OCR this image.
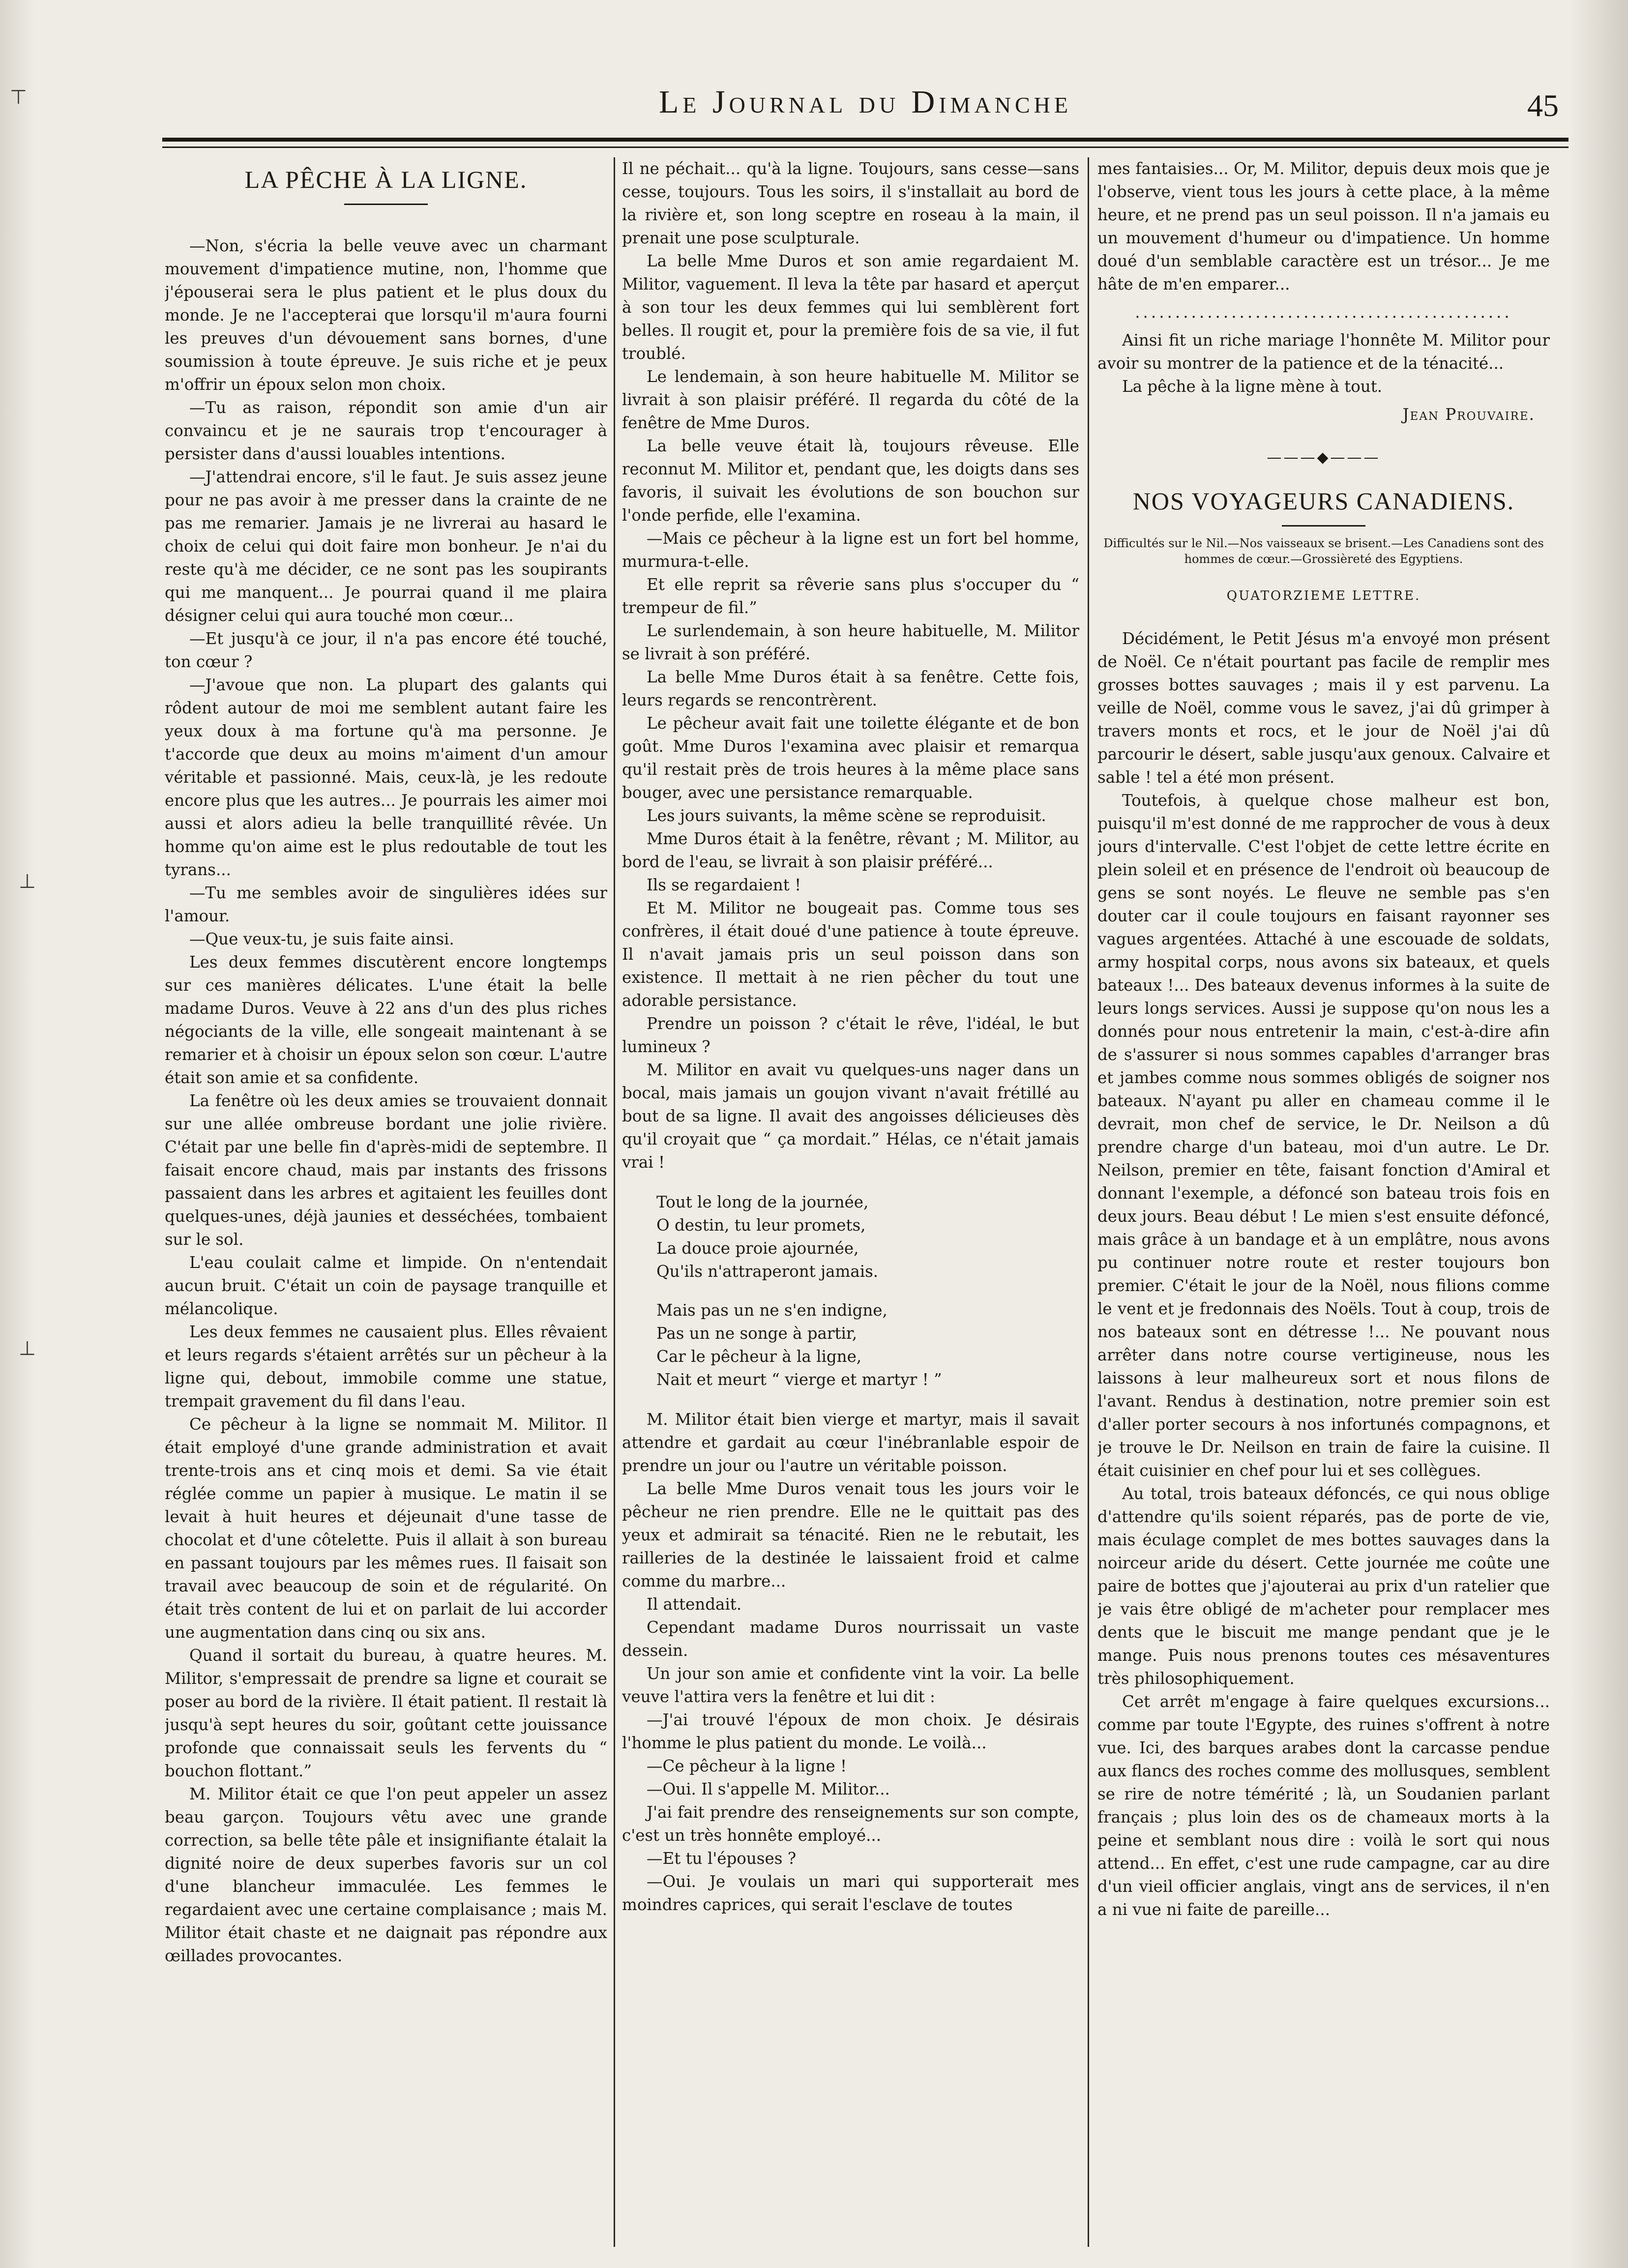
Le Journal du Dimanche	45
⊤
⊥
⊥
LA PÊCHE À LA LIGNE.

—Non, s'écria la belle veuve avec un charmant mouvement d'impatience mutine, non, l'homme que j'épouserai sera le plus patient et le plus doux du monde. Je ne l'accepterai que lorsqu'il m'aura fourni les preuves d'un dévouement sans bornes, d'une soumission à toute épreuve. Je suis riche et je peux m'offrir un époux selon mon choix.

—Tu as raison, répondit son amie d'un air convaincu et je ne saurais trop t'encourager à persister dans d'aussi louables intentions.

—J'attendrai encore, s'il le faut. Je suis assez jeune pour ne pas avoir à me presser dans la crainte de ne pas me remarier. Jamais je ne livrerai au hasard le choix de celui qui doit faire mon bonheur. Je n'ai du reste qu'à me décider, ce ne sont pas les soupirants qui me manquent... Je pourrai quand il me plaira désigner celui qui aura touché mon cœur...

—Et jusqu'à ce jour, il n'a pas encore été touché, ton cœur ?

—J'avoue que non. La plupart des galants qui rôdent autour de moi me semblent autant faire les yeux doux à ma fortune qu'à ma personne. Je t'accorde que deux au moins m'aiment d'un amour véritable et passionné. Mais, ceux-là, je les redoute encore plus que les autres... Je pourrais les aimer moi aussi et alors adieu la belle tranquillité rêvée. Un homme qu'on aime est le plus redoutable de tout les tyrans...

—Tu me sembles avoir de singulières idées sur l'amour.

—Que veux-tu, je suis faite ainsi.

Les deux femmes discutèrent encore longtemps sur ces manières délicates. L'une était la belle madame Duros. Veuve à 22 ans d'un des plus riches négociants de la ville, elle songeait maintenant à se remarier et à choisir un époux selon son cœur. L'autre était son amie et sa confidente.

La fenêtre où les deux amies se trouvaient donnait sur une allée ombreuse bordant une jolie rivière. C'était par une belle fin d'après-midi de septembre. Il faisait encore chaud, mais par instants des frissons passaient dans les arbres et agitaient les feuilles dont quelques-unes, déjà jaunies et desséchées, tombaient sur le sol.

L'eau coulait calme et limpide. On n'entendait aucun bruit. C'était un coin de paysage tranquille et mélancolique.

Les deux femmes ne causaient plus. Elles rêvaient et leurs regards s'étaient arrêtés sur un pêcheur à la ligne qui, debout, immobile comme une statue, trempait gravement du fil dans l'eau.

Ce pêcheur à la ligne se nommait M. Militor. Il était employé d'une grande administration et avait trente-trois ans et cinq mois et demi. Sa vie était réglée comme un papier à musique. Le matin il se levait à huit heures et déjeunait d'une tasse de chocolat et d'une côtelette. Puis il allait à son bureau en passant toujours par les mêmes rues. Il faisait son travail avec beaucoup de soin et de régularité. On était très content de lui et on parlait de lui accorder une augmentation dans cinq ou six ans.

Quand il sortait du bureau, à quatre heures. M. Militor, s'empressait de prendre sa ligne et courait se poser au bord de la rivière. Il était patient. Il restait là jusqu'à sept heures du soir, goûtant cette jouissance profonde que connaissait seuls les fervents du “ bouchon flottant.”

M. Militor était ce que l'on peut appeler un assez beau garçon. Toujours vêtu avec une grande correction, sa belle tête pâle et insignifiante étalait la dignité noire de deux superbes favoris sur un col d'une blancheur immaculée. Les femmes le regardaient avec une certaine complaisance ; mais M. Militor était chaste et ne daignait pas répondre aux œillades provocantes.

Il ne péchait... qu'à la ligne. Toujours, sans cesse—sans cesse, toujours. Tous les soirs, il s'installait au bord de la rivière et, son long sceptre en roseau à la main, il prenait une pose sculpturale.

La belle Mme Duros et son amie regardaient M. Militor, vaguement. Il leva la tête par hasard et aperçut à son tour les deux femmes qui lui semblèrent fort belles. Il rougit et, pour la première fois de sa vie, il fut troublé.

Le lendemain, à son heure habituelle M. Militor se livrait à son plaisir préféré. Il regarda du côté de la fenêtre de Mme Duros.

La belle veuve était là, toujours rêveuse. Elle reconnut M. Militor et, pendant que, les doigts dans ses favoris, il suivait les évolutions de son bouchon sur l'onde perfide, elle l'examina.

—Mais ce pêcheur à la ligne est un fort bel homme, murmura-t-elle.

Et elle reprit sa rêverie sans plus s'occuper du “ trempeur de fil.”

Le surlendemain, à son heure habituelle, M. Militor se livrait à son préféré.

La belle Mme Duros était à sa fenêtre. Cette fois, leurs regards se rencontrèrent.

Le pêcheur avait fait une toilette élégante et de bon goût. Mme Duros l'examina avec plaisir et remarqua qu'il restait près de trois heures à la même place sans bouger, avec une persistance remarquable.

Les jours suivants, la même scène se reproduisit.

Mme Duros était à la fenêtre, rêvant ; M. Militor, au bord de l'eau, se livrait à son plaisir préféré...

Ils se regardaient !

Et M. Militor ne bougeait pas. Comme tous ses confrères, il était doué d'une patience à toute épreuve. Il n'avait jamais pris un seul poisson dans son existence. Il mettait à ne rien pêcher du tout une adorable persistance.

Prendre un poisson ? c'était le rêve, l'idéal, le but lumineux ?

M. Militor en avait vu quelques-uns nager dans un bocal, mais jamais un goujon vivant n'avait frétillé au bout de sa ligne. Il avait des angoisses délicieuses dès qu'il croyait que “ ça mordait.” Hélas, ce n'était jamais vrai !

Tout le long de la journée,
O destin, tu leur promets,
La douce proie ajournée,
Qu'ils n'attraperont jamais.
Mais pas un ne s'en indigne,
Pas un ne songe à partir,
Car le pêcheur à la ligne,
Nait et meurt “ vierge et martyr ! ”

M. Militor était bien vierge et martyr, mais il savait attendre et gardait au cœur l'inébranlable espoir de prendre un jour ou l'autre un véritable poisson.

La belle Mme Duros venait tous les jours voir le pêcheur ne rien prendre. Elle ne le quittait pas des yeux et admirait sa ténacité. Rien ne le rebutait, les railleries de la destinée le laissaient froid et calme comme du marbre...

Il attendait.

Cependant madame Duros nourrissait un vaste dessein.

Un jour son amie et confidente vint la voir. La belle veuve l'attira vers la fenêtre et lui dit :

—J'ai trouvé l'époux de mon choix. Je désirais l'homme le plus patient du monde. Le voilà...

—Ce pêcheur à la ligne !

—Oui. Il s'appelle M. Militor...

J'ai fait prendre des renseignements sur son compte, c'est un très honnête employé...

—Et tu l'épouses ?

—Oui. Je voulais un mari qui supporterait mes moindres caprices, qui serait l'esclave de toutes

mes fantaisies... Or, M. Militor, depuis deux mois que je l'observe, vient tous les jours à cette place, à la même heure, et ne prend pas un seul poisson. Il n'a jamais eu un mouvement d'humeur ou d'impatience. Un homme doué d'un semblable caractère est un trésor... Je me hâte de m'en emparer...

...............................................

Ainsi fit un riche mariage l'honnête M. Militor pour avoir su montrer de la patience et de la ténacité...

La pêche à la ligne mène à tout.

Jean Prouvaire.
———◆———
NOS VOYAGEURS CANADIENS.
Difficultés sur le Nil.—Nos vaisseaux se brisent.—Les Canadiens sont des hommes de cœur.—Grossièreté des Egyptiens.
QUATORZIEME LETTRE.

Décidément, le Petit Jésus m'a envoyé mon présent de Noël. Ce n'était pourtant pas facile de remplir mes grosses bottes sauvages ; mais il y est parvenu. La veille de Noël, comme vous le savez, j'ai dû grimper à travers monts et rocs, et le jour de Noël j'ai dû parcourir le désert, sable jusqu'aux genoux. Calvaire et sable ! tel a été mon présent.

Toutefois, à quelque chose malheur est bon, puisqu'il m'est donné de me rapprocher de vous à deux jours d'intervalle. C'est l'objet de cette lettre écrite en plein soleil et en présence de l'endroit où beaucoup de gens se sont noyés. Le fleuve ne semble pas s'en douter car il coule toujours en faisant rayonner ses vagues argentées. Attaché à une escouade de soldats, army hospital corps, nous avons six bateaux, et quels bateaux !... Des bateaux devenus informes à la suite de leurs longs services. Aussi je suppose qu'on nous les a donnés pour nous entretenir la main, c'est-à-dire afin de s'assurer si nous sommes capables d'arranger bras et jambes comme nous sommes obligés de soigner nos bateaux. N'ayant pu aller en chameau comme il le devrait, mon chef de service, le Dr. Neilson a dû prendre charge d'un bateau, moi d'un autre. Le Dr. Neilson, premier en tête, faisant fonction d'Amiral et donnant l'exemple, a défoncé son bateau trois fois en deux jours. Beau début ! Le mien s'est ensuite défoncé, mais grâce à un bandage et à un emplâtre, nous avons pu continuer notre route et rester toujours bon premier. C'était le jour de la Noël, nous filions comme le vent et je fredonnais des Noëls. Tout à coup, trois de nos bateaux sont en détresse !... Ne pouvant nous arrêter dans notre course vertigineuse, nous les laissons à leur malheureux sort et nous filons de l'avant. Rendus à destination, notre premier soin est d'aller porter secours à nos infortunés compagnons, et je trouve le Dr. Neilson en train de faire la cuisine. Il était cuisinier en chef pour lui et ses collègues.

Au total, trois bateaux défoncés, ce qui nous oblige d'attendre qu'ils soient réparés, pas de porte de vie, mais éculage complet de mes bottes sauvages dans la noirceur aride du désert. Cette journée me coûte une paire de bottes que j'ajouterai au prix d'un ratelier que je vais être obligé de m'acheter pour remplacer mes dents que le biscuit me mange pendant que je le mange. Puis nous prenons toutes ces mésaventures très philosophiquement.

Cet arrêt m'engage à faire quelques excursions... comme par toute l'Egypte, des ruines s'offrent à notre vue. Ici, des barques arabes dont la carcasse pendue aux flancs des roches comme des mollusques, semblent se rire de notre témérité ; là, un Soudanien parlant français ; plus loin des os de chameaux morts à la peine et semblant nous dire : voilà le sort qui nous attend... En effet, c'est une rude campagne, car au dire d'un vieil officier anglais, vingt ans de services, il n'en a ni vue ni faite de pareille...
